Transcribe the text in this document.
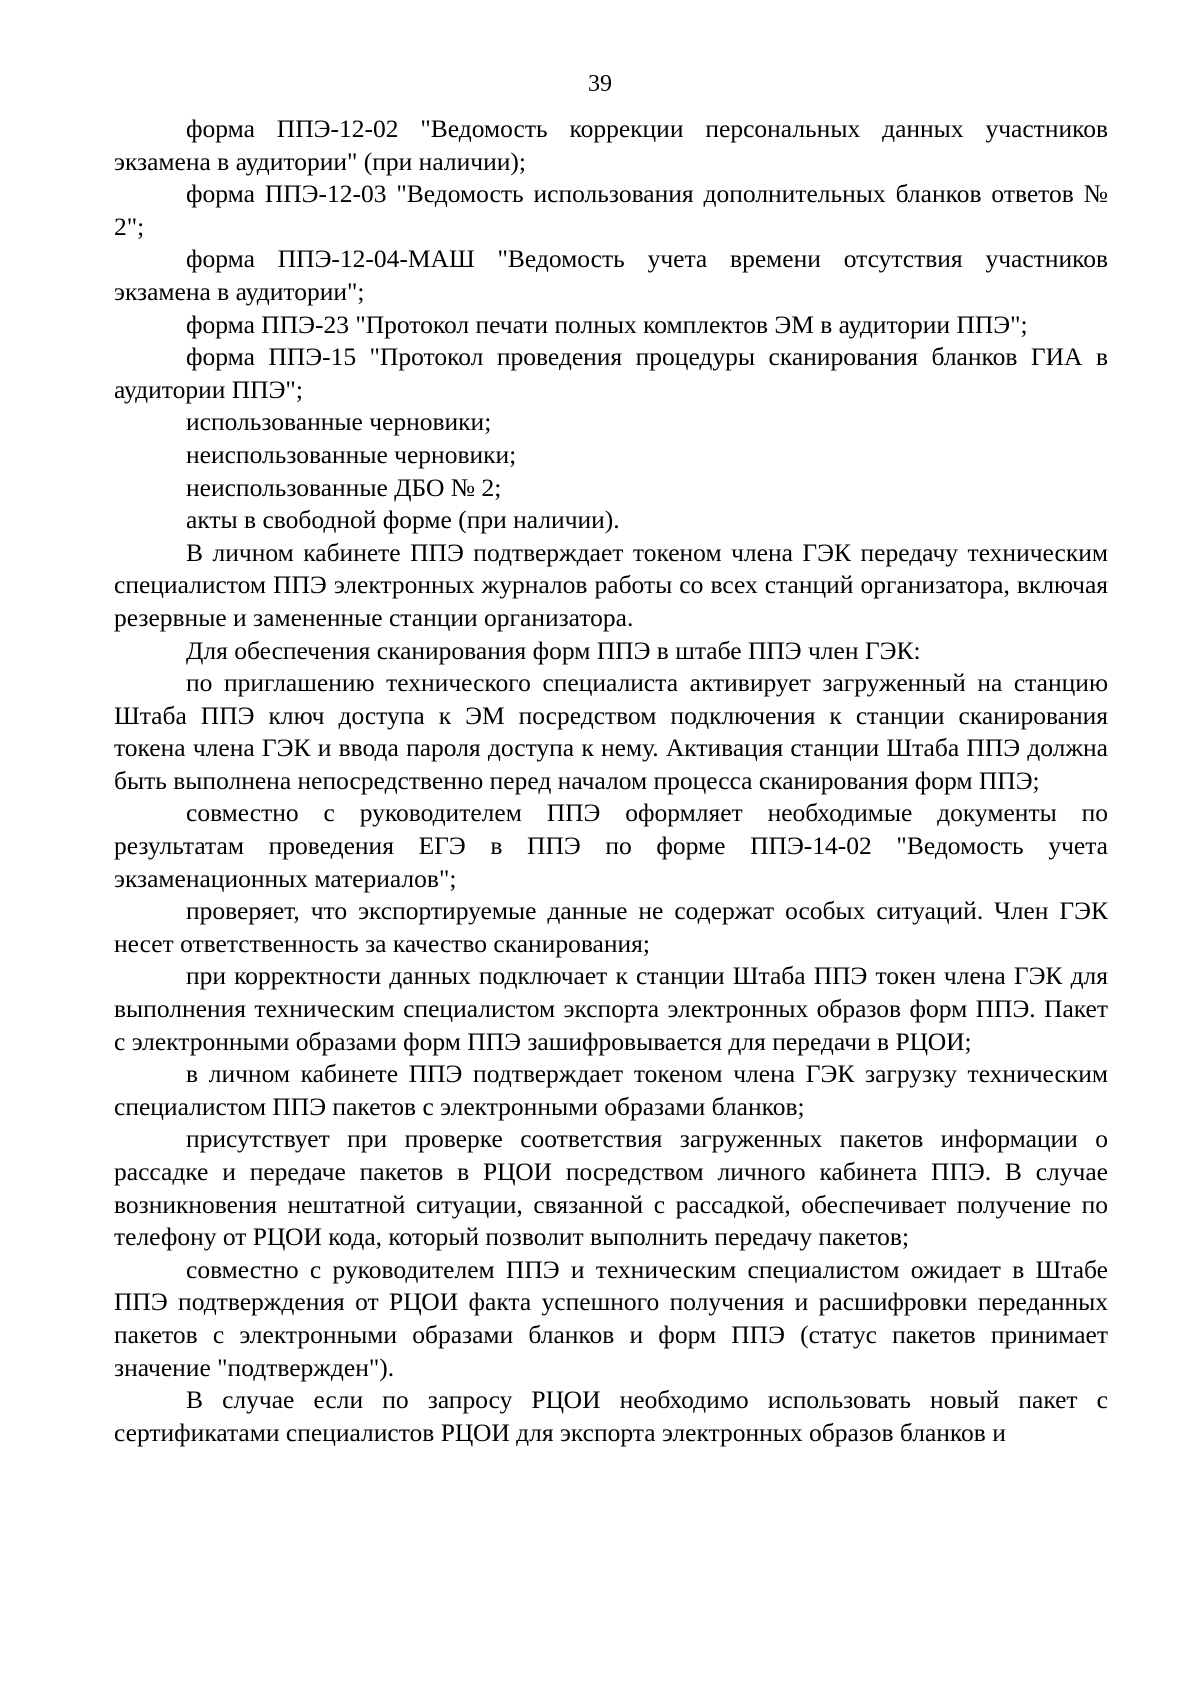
39

форма ППЭ-12-02 "Ведомость коррекции персональных данных участников экзамена в аудитории" (при наличии);

форма ППЭ-12-03 "Ведомость использования дополнительных бланков ответов № 2";

форма ППЭ-12-04-МАШ "Ведомость учета времени отсутствия участников экзамена в аудитории";

форма ППЭ-23 "Протокол печати полных комплектов ЭМ в аудитории ППЭ";

форма ППЭ-15 "Протокол проведения процедуры сканирования бланков ГИА в аудитории ППЭ";

использованные черновики;

неиспользованные черновики;

неиспользованные ДБО № 2;

акты в свободной форме (при наличии).

В личном кабинете ППЭ подтверждает токеном члена ГЭК передачу техническим специалистом ППЭ электронных журналов работы со всех станций организатора, включая резервные и замененные станции организатора.

Для обеспечения сканирования форм ППЭ в штабе ППЭ член ГЭК:

по приглашению технического специалиста активирует загруженный на станцию Штаба ППЭ ключ доступа к ЭМ посредством подключения к станции сканирования токена члена ГЭК и ввода пароля доступа к нему. Активация станции Штаба ППЭ должна быть выполнена непосредственно перед началом процесса сканирования форм ППЭ;

совместно с руководителем ППЭ оформляет необходимые документы по результатам проведения ЕГЭ в ППЭ по форме ППЭ-14-02 "Ведомость учета экзаменационных материалов";

проверяет, что экспортируемые данные не содержат особых ситуаций. Член ГЭК несет ответственность за качество сканирования;

при корректности данных подключает к станции Штаба ППЭ токен члена ГЭК для выполнения техническим специалистом экспорта электронных образов форм ППЭ. Пакет с электронными образами форм ППЭ зашифровывается для передачи в РЦОИ;

в личном кабинете ППЭ подтверждает токеном члена ГЭК загрузку техническим специалистом ППЭ пакетов с электронными образами бланков;

присутствует при проверке соответствия загруженных пакетов информации о рассадке и передаче пакетов в РЦОИ посредством личного кабинета ППЭ. В случае возникновения нештатной ситуации, связанной с рассадкой, обеспечивает получение по телефону от РЦОИ кода, который позволит выполнить передачу пакетов;

совместно с руководителем ППЭ и техническим специалистом ожидает в Штабе ППЭ подтверждения от РЦОИ факта успешного получения и расшифровки переданных пакетов с электронными образами бланков и форм ППЭ (статус пакетов принимает значение "подтвержден").

В случае если по запросу РЦОИ необходимо использовать новый пакет с сертификатами специалистов РЦОИ для экспорта электронных образов бланков и
